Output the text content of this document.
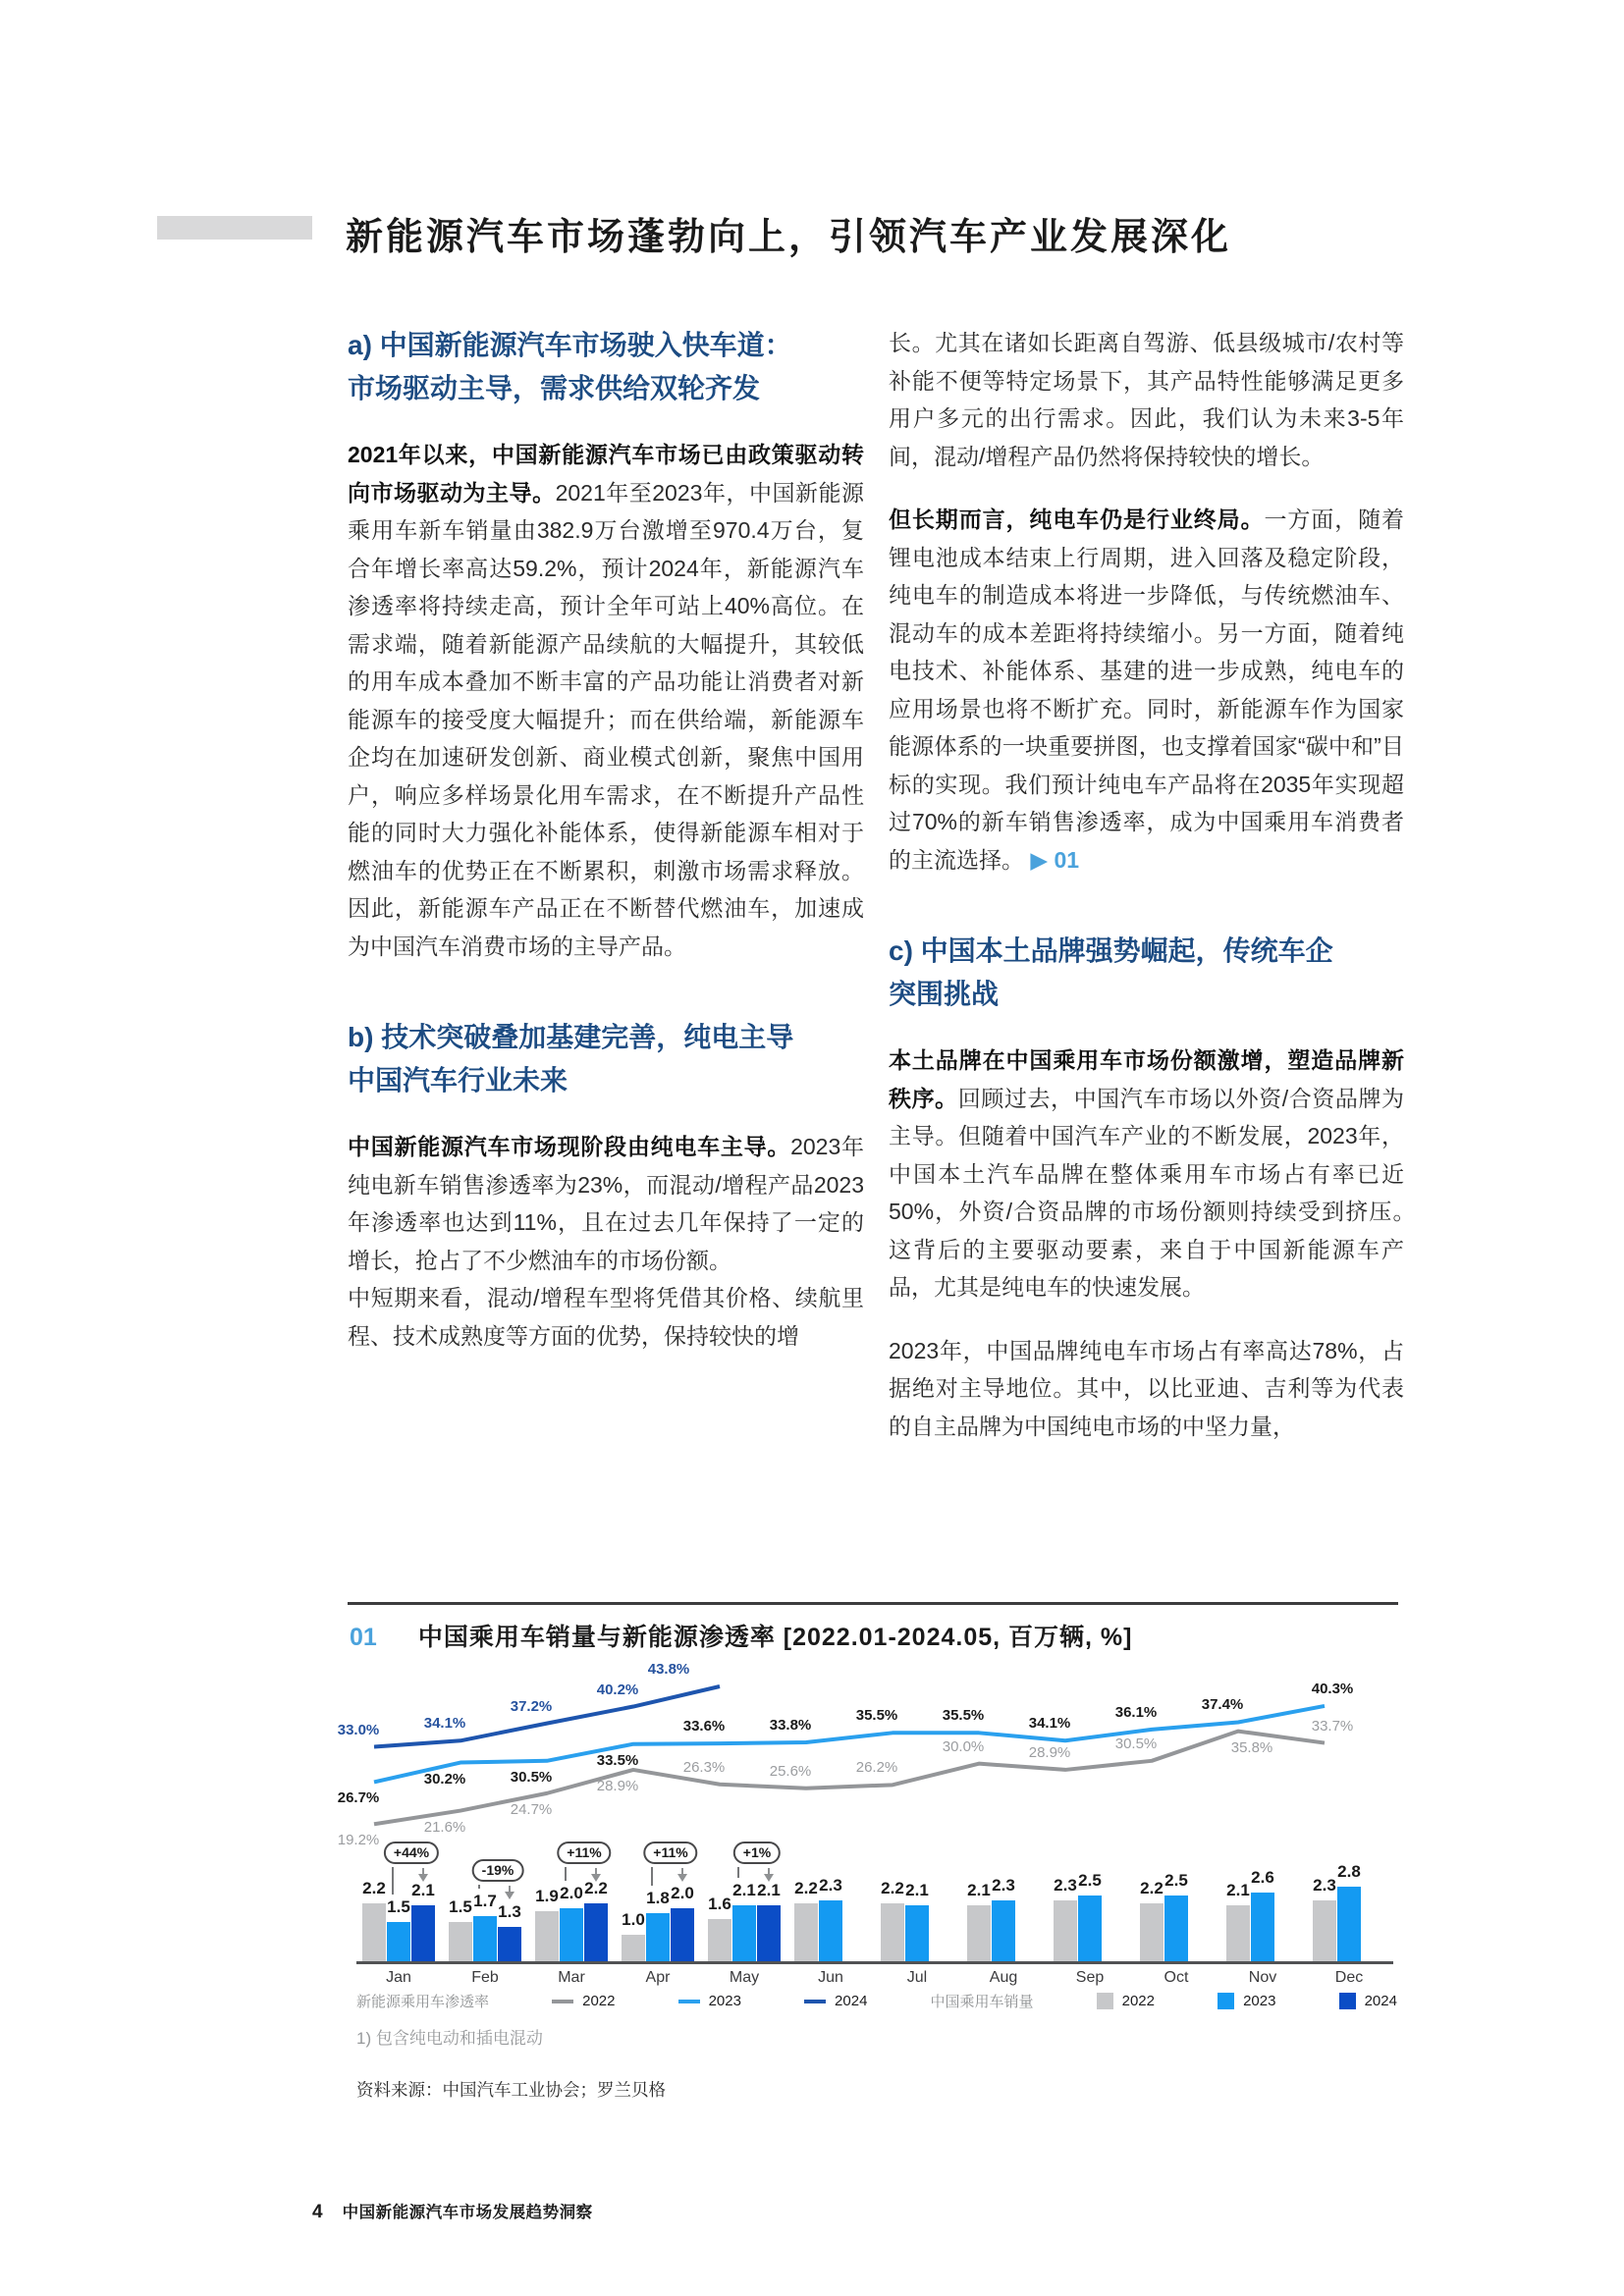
新能源汽车市场蓬勃向上，引领汽车产业发展深化
a) 中国新能源汽车市场驶入快车道：
市场驱动主导，需求供给双轮齐发

2021年以来，中国新能源汽车市场已由政策驱动转向市场驱动为主导。2021年至2023年，中国新能源乘用车新车销量由382.9万台激增至970.4万台，复合年增长率高达59.2%，预计2024年，新能源汽车渗透率将持续走高，预计全年可站上40%高位。在需求端，随着新能源产品续航的大幅提升，其较低的用车成本叠加不断丰富的产品功能让消费者对新能源车的接受度大幅提升；而在供给端，新能源车企均在加速研发创新、商业模式创新，聚焦中国用户，响应多样场景化用车需求，在不断提升产品性能的同时大力强化补能体系，使得新能源车相对于燃油车的优势正在不断累积，刺激市场需求释放。因此，新能源车产品正在不断替代燃油车，加速成为中国汽车消费市场的主导产品。

b) 技术突破叠加基建完善，纯电主导
中国汽车行业未来

中国新能源汽车市场现阶段由纯电车主导。2023年纯电新车销售渗透率为23%，而混动/增程产品2023年渗透率也达到11%，且在过去几年保持了一定的增长，抢占了不少燃油车的市场份额。

中短期来看，混动/增程车型将凭借其价格、续航里程、技术成熟度等方面的优势，保持较快的增

长。尤其在诸如长距离自驾游、低县级城市/农村等补能不便等特定场景下，其产品特性能够满足更多用户多元的出行需求。因此，我们认为未来3-5年间，混动/增程产品仍然将保持较快的增长。

但长期而言，纯电车仍是行业终局。一方面，随着锂电池成本结束上行周期，进入回落及稳定阶段，纯电车的制造成本将进一步降低，与传统燃油车、混动车的成本差距将持续缩小。另一方面，随着纯电技术、补能体系、基建的进一步成熟，纯电车的应用场景也将不断扩充。同时，新能源车作为国家能源体系的一块重要拼图，也支撑着国家“碳中和”目标的实现。我们预计纯电车产品将在2035年实现超过70%的新车销售渗透率，成为中国乘用车消费者的主流选择。 ▶ 01

c) 中国本土品牌强势崛起，传统车企
突围挑战

本土品牌在中国乘用车市场份额激增，塑造品牌新秩序。回顾过去，中国汽车市场以外资/合资品牌为主导。但随着中国汽车产业的不断发展，2023年，中国本土汽车品牌在整体乘用车市场占有率已近50%，外资/合资品牌的市场份额则持续受到挤压。　这背后的主要驱动要素，来自于中国新能源车产品，尤其是纯电车的快速发展。

2023年，中国品牌纯电车市场占有率高达78%，占据绝对主导地位。其中，以比亚迪、吉利等为代表的自主品牌为中国纯电市场的中坚力量，

01 中国乘用车销量与新能源渗透率 [2022.01-2024.05, 百万辆, %]
19.2%
21.6%
24.7%
28.9%
26.3%	25.6%	26.2%
30.0%	28.9%
30.5%	35.8%
33.7%
26.7%
30.2%	30.5%
33.5%
33.6%	33.8%
35.5%	35.5%	34.1%
36.1%	37.4%
40.3%
33.0%	34.1%
37.2%
40.2%
43.8%
2.2
1.5
1.9
1.0
1.6
2.2	2.2	2.1	2.3	2.2	2.1	2.3
1.5	1.7	2.0	1.8	2.1	2.3	2.1	2.3	2.5	2.5	2.6	2.8
2.1
1.3
2.2	2.0	2.1
Jan	Feb	Mar	Apr	May	Jun	Jul	Aug	Sep	Oct	Nov	Dec
+44%
-19%
+11%	+11%	+1%
新能源乘用车渗透率	2022	2023	2024	中国乘用车销量	2022	2023	2024
1) 包含纯电动和插电混动
资料来源：中国汽车工业协会；罗兰贝格
4 中国新能源汽车市场发展趋势洞察
